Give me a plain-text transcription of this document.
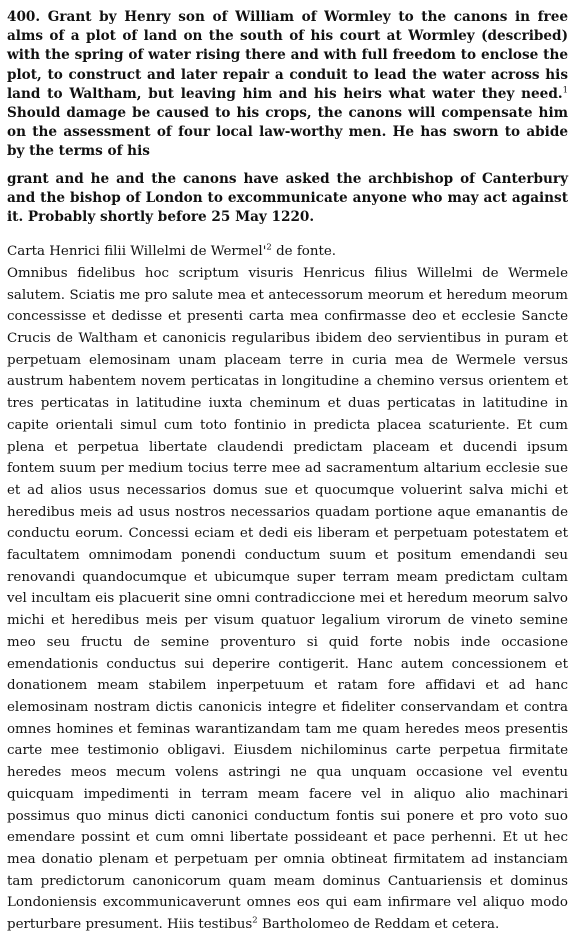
400. Grant by Henry son of William of Wormley to the canons in free alms of a plot of land on the south of his court at Wormley (described) with the spring of water rising there and with full freedom to enclose the plot, to construct and later repair a conduit to lead the water across his land to Waltham, but leaving him and his heirs what water they need.$^1$ Should damage be caused to his crops, the canons will compensate him on the assessment of four local law-worthy men. He has sworn to abide by the terms of his

grant and he and the canons have asked the archbishop of Canterbury and the bishop of London to excommunicate anyone who may act against it. Probably shortly before 25 May 1220.

Carta Henrici filii Willelmi de $Wermel'^2$ de fonte.

Omnibus fidelibus hoc scriptum visuris Henricus filius Willelmi de Wermele salutem. Sciatis me pro salute mea et antecessorum meorum et heredum meorum concessisse et dedisse et presenti carta mea confirmasse deo et ecclesie Sancte Crucis de Waltham et canonicis regularibus ibidem deo servientibus in puram et perpetuam elemosinam unam placeam terre in curia mea de Wermele versus austrum habentem novem perticatas in longitudine a chemino versus orientem et tres perticatas in latitudine iuxta cheminum et duas perticatas in latitudine in capite orientali simul cum toto fontinio in predicta placea scaturiente. Et cum plena et perpetua libertate claudendi predictam placeam et ducendi ipsum fontem suum per medium tocius terre mee ad sacramentum altarium ecclesie sue et ad alios usus necessarios domus sue et quocumque voluerint salva michi et heredibus meis ad usus nostros necessarios quadam portione aque emanantis de conductu eorum. Concessi eciam et dedi eis liberam et perpetuam potestatem et facultatem omnimodam ponendi conductum suum et positum emendandi seu renovandi quandocumque et ubicumque super terram meam predictam cultam vel incultam eis placuerit sine omni contradiccione mei et heredum meorum salvo michi et heredibus meis per visum quatuor legalium virorum de vineto semine meo seu fructu de semine proventuro si quid forte nobis inde occasione emendationis conductus sui deperire contigerit. Hanc autem concessionem et donationem meam stabilem inperpetuum et ratam fore affidavi et ad hanc elemosinam nostram dictis canonicis integre et fideliter conservandam et contra omnes homines et feminas warantizandam tam me quam heredes meos presentis carte mee testimonio obligavi. Eiusdem nichilominus carte perpetua firmitate heredes meos mecum volens astringi ne qua unquam occasione vel eventu quicquam impedimenti in terram meam facere vel in aliquo alio machinari possimus quo minus dicti canonici conductum fontis sui ponere et pro voto suo emendare possint et cum omni libertate possideant et pace perhenni. Et ut hec mea donatio plenam et perpetuam per omnia obtineat firmitatem ad instanciam tam predictorum canonicorum quam meam dominus Cantuariensis et dominus Londoniensis excommunicaverunt omnes eos qui eam infirmare vel aliquo modo perturbare presument. Hiis testibus$^2$ Bartholomeo de Reddam et cetera.
